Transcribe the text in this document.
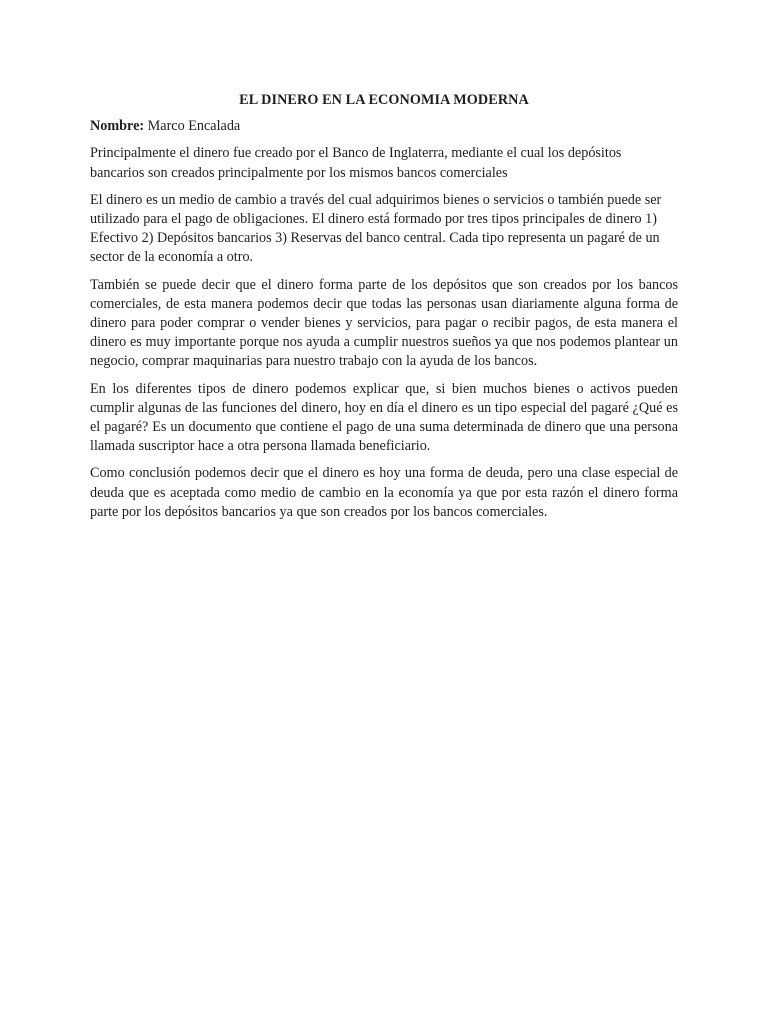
EL DINERO EN LA ECONOMIA MODERNA
Nombre: Marco Encalada

Principalmente el dinero fue creado por el Banco de Inglaterra, mediante el cual los depósitos bancarios son creados principalmente por los mismos bancos comerciales

El dinero es un medio de cambio a través del cual adquirimos bienes o servicios o también puede ser utilizado para el pago de obligaciones. El dinero está formado por tres tipos principales de dinero 1) Efectivo 2) Depósitos bancarios 3) Reservas del banco central. Cada tipo representa un pagaré de un sector de la economía a otro.

También se puede decir que el dinero forma parte de los depósitos que son creados por los bancos comerciales, de esta manera podemos decir que todas las personas usan diariamente alguna forma de dinero para poder comprar o vender bienes y servicios, para pagar o recibir pagos, de esta manera el dinero es muy importante porque nos ayuda a cumplir nuestros sueños ya que nos podemos plantear un negocio, comprar maquinarias para nuestro trabajo con la ayuda de los bancos.

En los diferentes tipos de dinero podemos explicar que, si bien muchos bienes o activos pueden cumplir algunas de las funciones del dinero, hoy en día el dinero es un tipo especial del pagaré ¿Qué es el pagaré? Es un documento que contiene el pago de una suma determinada de dinero que una persona llamada suscriptor hace a otra persona llamada beneficiario.

Como conclusión podemos decir que el dinero es hoy una forma de deuda, pero una clase especial de deuda que es aceptada como medio de cambio en la economía ya que por esta razón el dinero forma parte por los depósitos bancarios ya que son creados por los bancos comerciales.
